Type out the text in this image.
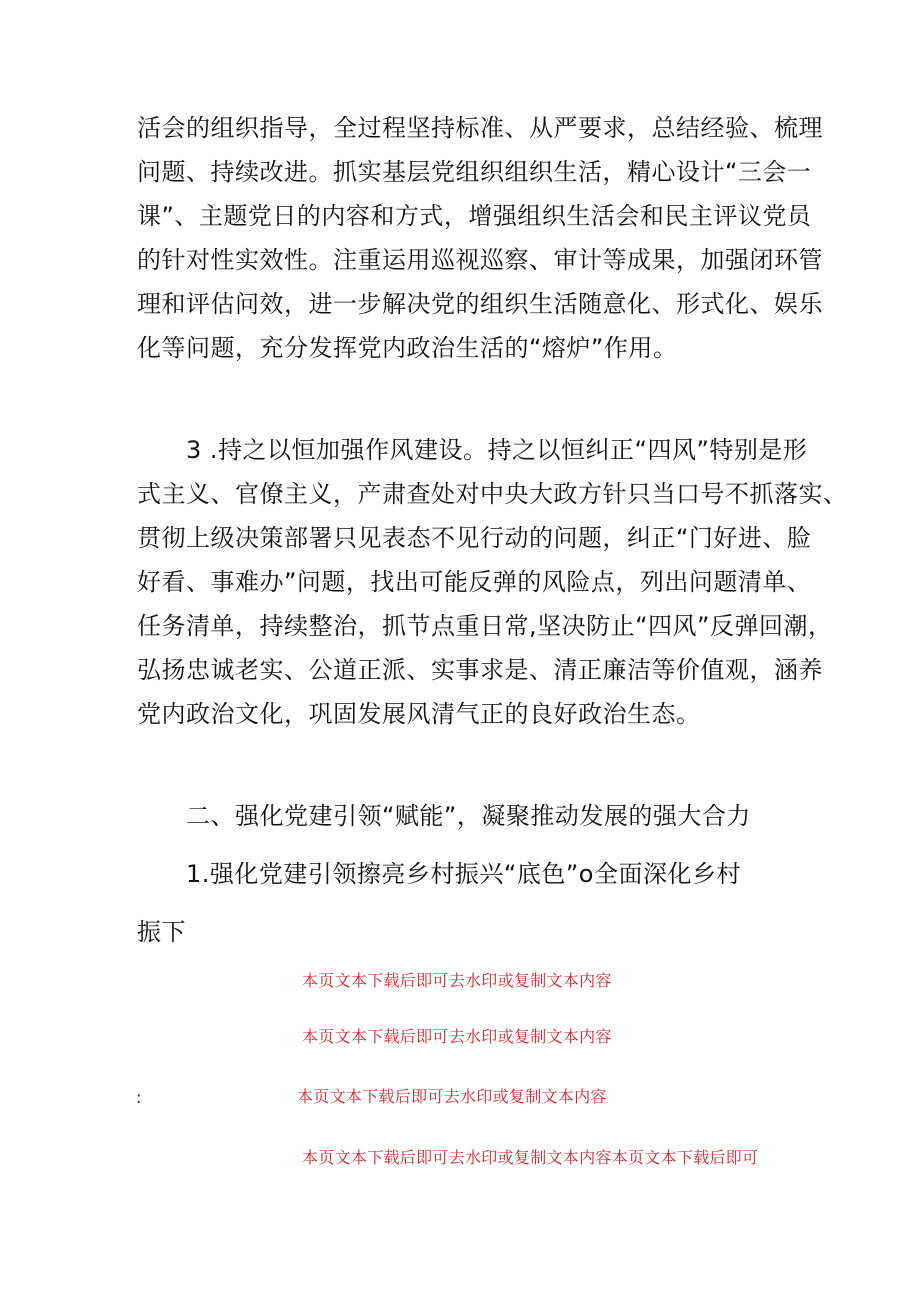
活会的组织指导，全过程坚持标准、从严要求，总结经验、梳理
问题、持续改进。抓实基层党组织组织生活，精心设计“三会一
课”、主题党日的内容和方式，增强组织生活会和民主评议党员
的针对性实效性。注重运用巡视巡察、审计等成果，加强闭环管
理和评估问效，进一步解决党的组织生活随意化、形式化、娱乐
化等问题，充分发挥党内政治生活的“熔炉”作用。
3 .持之以恒加强作风建设。持之以恒纠正“四风”特别是形
式主义、官僚主义，产肃查处对中央大政方针只当口号不抓落实、
贯彻上级决策部署只见表态不见行动的问题，纠正“门好进、脸
好看、事难办”问题，找出可能反弹的风险点，列出问题清单、
任务清单，持续整治，抓节点重日常,坚决防止“四风”反弹回潮，
弘扬忠诚老实、公道正派、实事求是、清正廉洁等价值观，涵养
党内政治文化，巩固发展风清气正的良好政治生态。
二、强化党建引领“赋能”，凝聚推动发展的强大合力
1.强化党建引领擦亮乡村振兴“底色”o全面深化乡村
振下
本页文本下载后即可去水印或复制文本内容
本页文本下载后即可去水印或复制文本内容
:	本页文本下载后即可去水印或复制文本内容
本页文本下载后即可去水印或复制文本内容本页文本下载后即可
